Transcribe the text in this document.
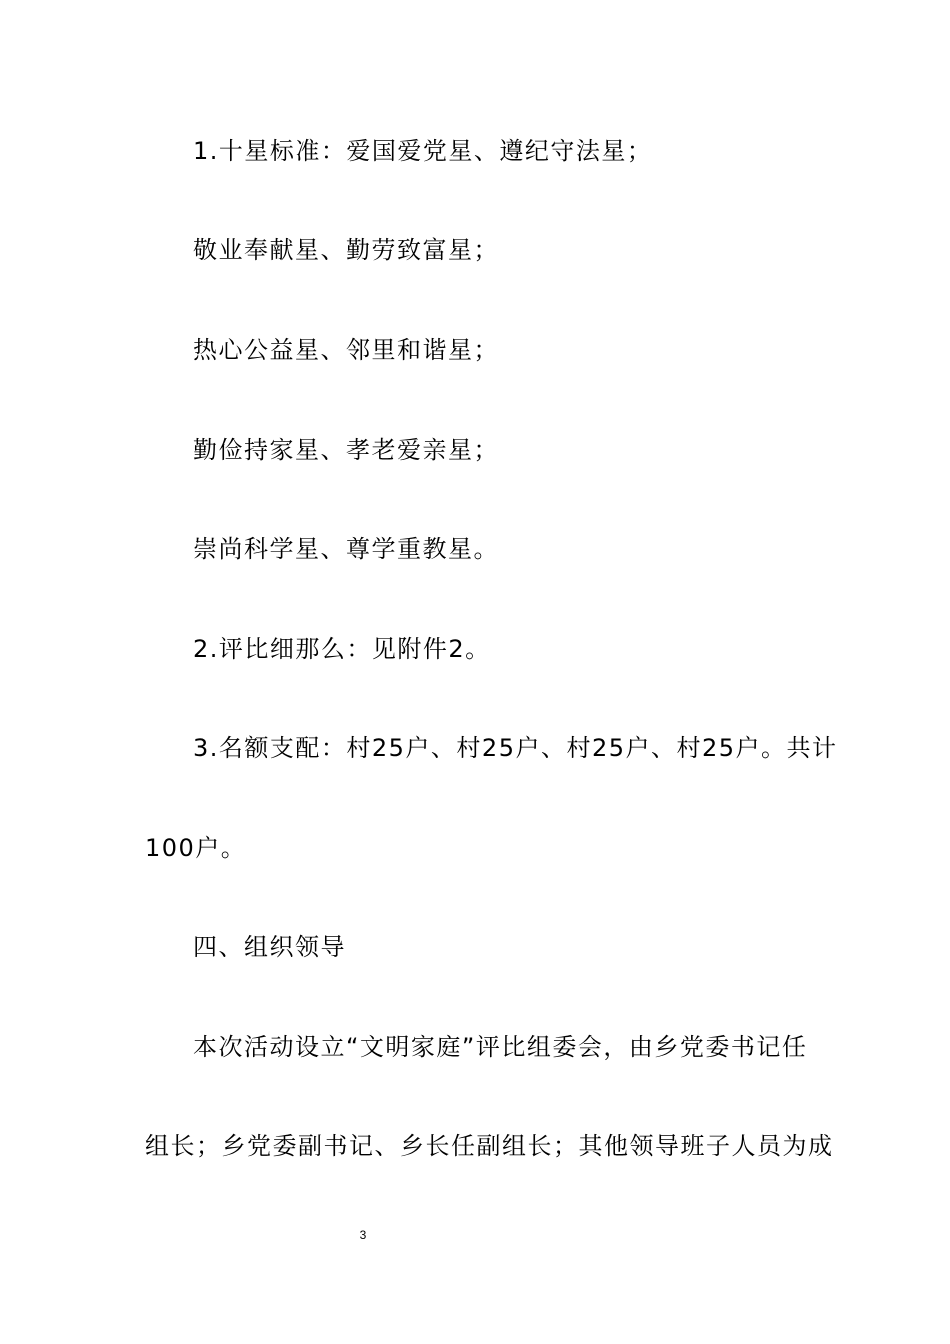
1.十星标准：爱国爱党星、遵纪守法星；
敬业奉献星、勤劳致富星；
热心公益星、邻里和谐星；
勤俭持家星、孝老爱亲星；
崇尚科学星、尊学重教星。
2.评比细那么：见附件2。
3.名额支配：村25户、村25户、村25户、村25户。共计
100户。
四、组织领导
本次活动设立“文明家庭”评比组委会，由乡党委书记任
组长；乡党委副书记、乡长任副组长；其他领导班子人员为成
3
